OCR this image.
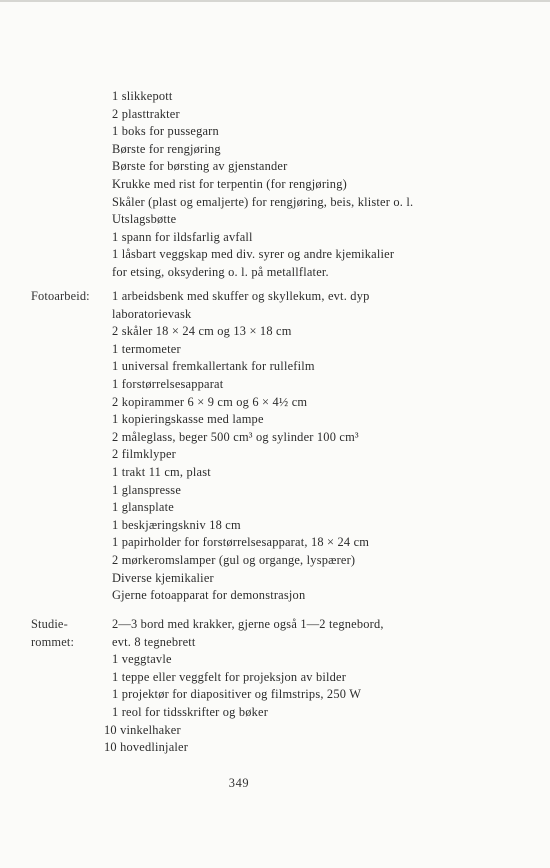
1 slikkepott
2 plasttrakter
1 boks for pussegarn
Børste for rengjøring
Børste for børsting av gjenstander
Krukke med rist for terpentin (for rengjøring)
Skåler (plast og emaljerte) for rengjøring, beis, klister o. l.
Utslagsbøtte
1 spann for ildsfarlig avfall
1 låsbart veggskap med div. syrer og andre kjemikalier
for etsing, oksydering o. l. på metallflater.
Fotoarbeid:	1 arbeidsbenk med skuffer og skyllekum, evt. dyp
laboratorievask
2 skåler 18 × 24 cm og 13 × 18 cm
1 termometer
1 universal fremkallertank for rullefilm
1 forstørrelsesapparat
2 kopirammer 6 × 9 cm og 6 × 4½ cm
1 kopieringskasse med lampe
2 måleglass, beger 500 cm³ og sylinder 100 cm³
2 filmklyper
1 trakt 11 cm, plast
1 glanspresse
1 glansplate
1 beskjæringskniv 18 cm
1 papirholder for forstørrelsesapparat, 18 × 24 cm
2 mørkeromslamper (gul og organge, lyspærer)
Diverse kjemikalier
Gjerne fotoapparat for demonstrasjon
Studie-
rommet:
2—3 bord med krakker, gjerne også 1—2 tegnebord,
evt. 8 tegnebrett
1 veggtavle
1 teppe eller veggfelt for projeksjon av bilder
1 projektør for diapositiver og filmstrips, 250 W
1 reol for tidsskrifter og bøker
10 vinkelhaker
10 hovedlinjaler
349
